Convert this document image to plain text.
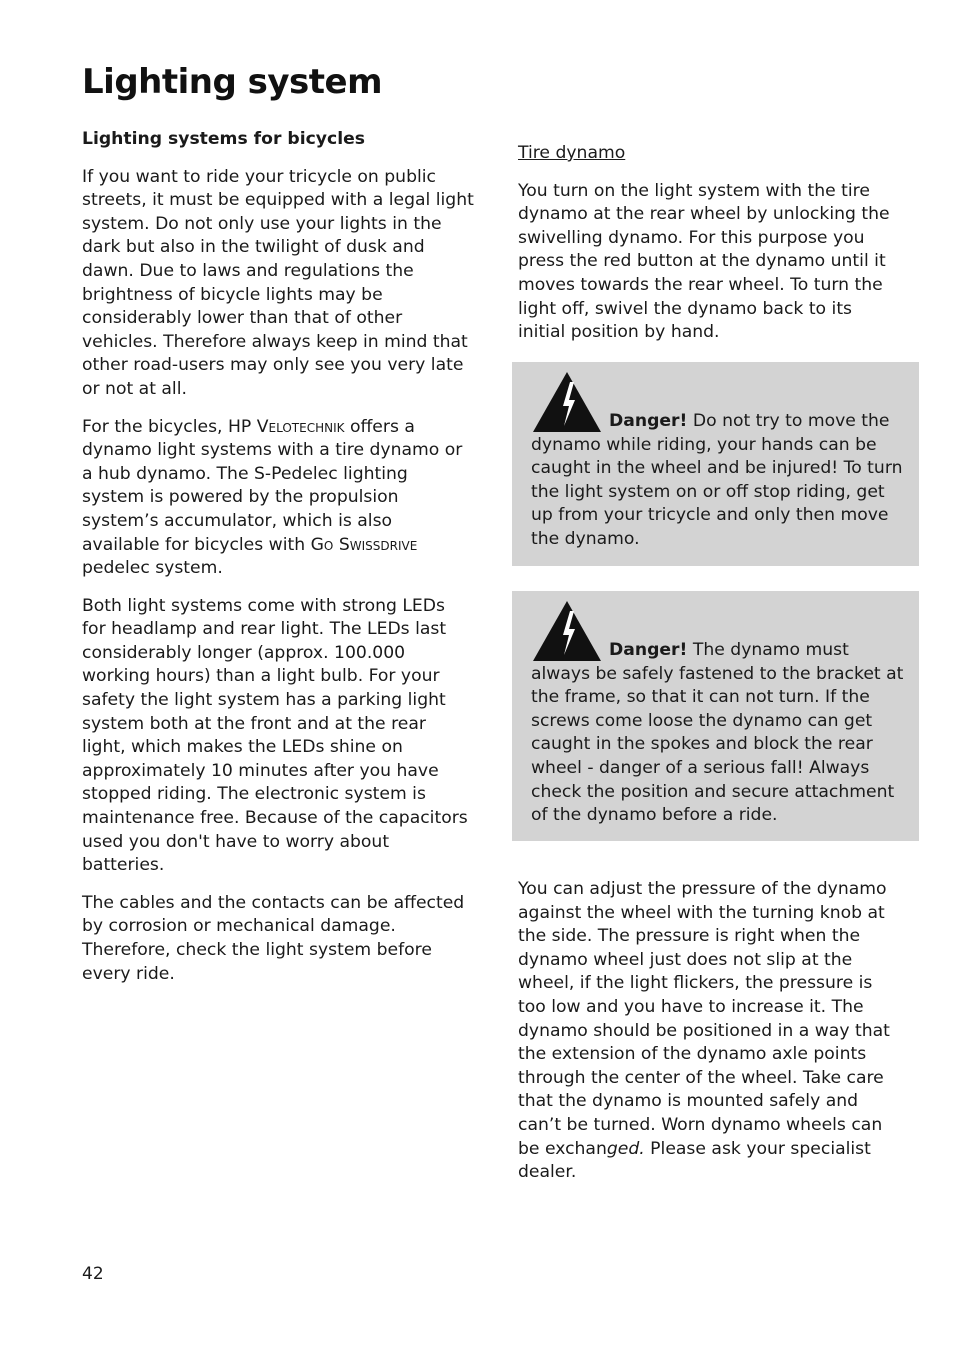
Lighting system

Lighting systems for bicycles

If you want to ride your tricycle on public streets, it must be equipped with a legal light system. Do not only use your lights in the dark but also in the twilight of dusk and dawn. Due to laws and regulations the brightness of bicycle lights may be considerably lower than that of other vehicles. Therefore always keep in mind that other road-users may only see you very late or not at all.

For the bicycles, HP Velotechnik offers a dynamo light systems with a tire dynamo or a hub dynamo. The S-Pedelec lighting system is powered by the propulsion system’s accumulator, which is also available for bicycles with Go Swissdrive pedelec system.

Both light systems come with strong LEDs for headlamp and rear light. The LEDs last considerably longer (approx. 100.000 working hours) than a light bulb. For your safety the light system has a parking light system both at the front and at the rear light, which makes the LEDs shine on approximately 10 minutes after you have stopped riding. The electronic system is maintenance free. Because of the capacitors used you don't have to worry about batteries.

The cables and the contacts can be affected by corrosion or mechanical damage. Therefore, check the light system before every ride.

Tire dynamo

You turn on the light system with the tire dynamo at the rear wheel by unlocking the swivelling dynamo. For this purpose you press the red button at the dynamo until it moves towards the rear wheel. To turn the light off, swivel the dynamo back to its initial position by hand.

Danger! Do not try to move the dynamo while riding, your hands can be caught in the wheel and be injured! To turn the light system on or off stop riding, get up from your tricycle and only then move the dynamo.

Danger! The dynamo must always be safely fastened to the bracket at the frame, so that it can not turn. If the screws come loose the dynamo can get caught in the spokes and block the rear wheel - danger of a serious fall! Always check the position and secure attachment of the dynamo before a ride.

You can adjust the pressure of the dynamo against the wheel with the turning knob at the side. The pressure is right when the dynamo wheel just does not slip at the wheel, if the light flickers, the pressure is too low and you have to increase it. The dynamo should be positioned in a way that the extension of the dynamo axle points through the center of the wheel. Take care that the dynamo is mounted safely and can’t be turned. Worn dynamo wheels can be exchanged. Please ask your specialist dealer.

42
